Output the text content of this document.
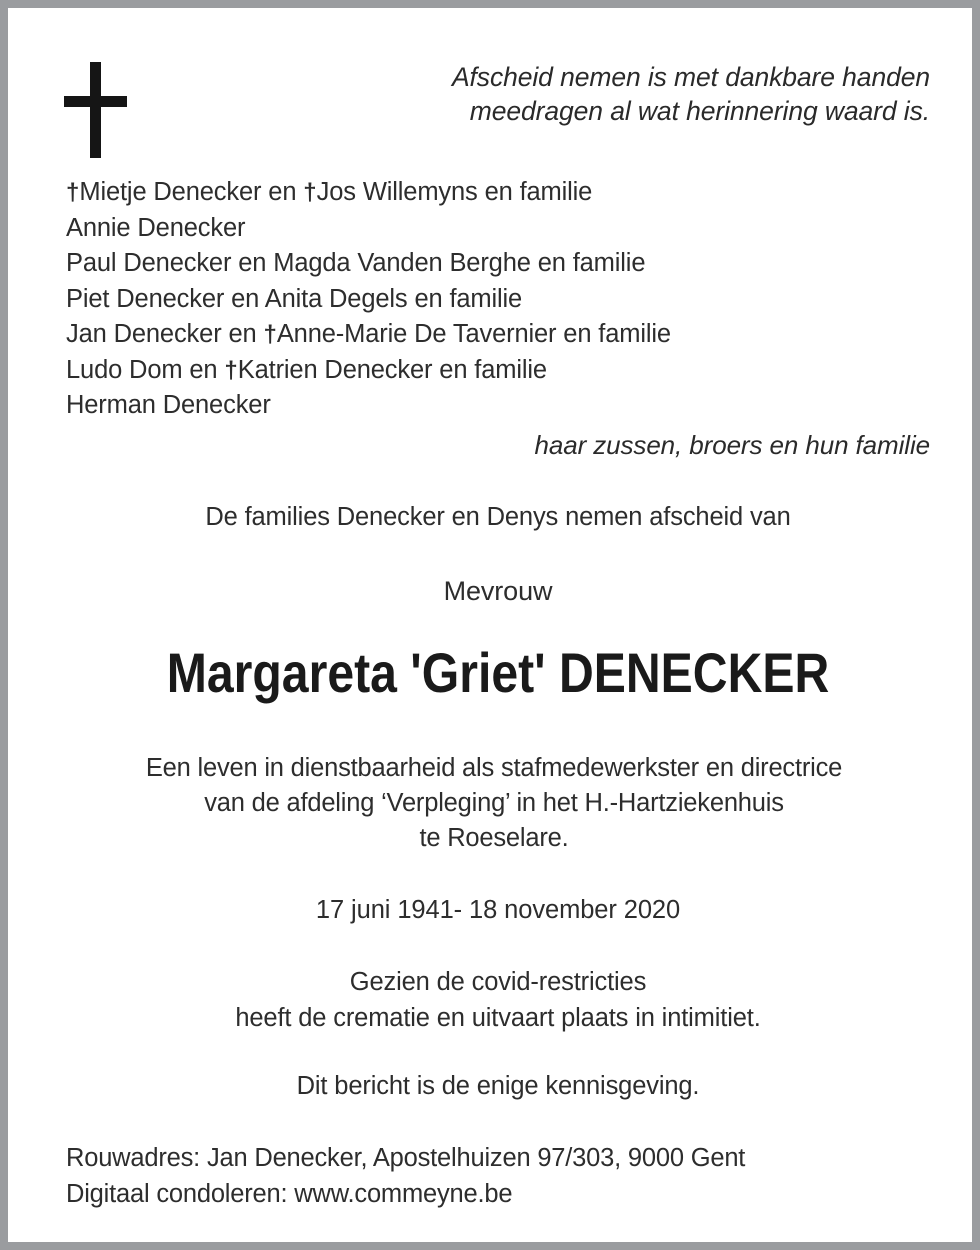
Afscheid nemen is met dankbare handen
meedragen al wat herinnering waard is.
†Mietje Denecker en †Jos Willemyns en familie
Annie Denecker
Paul Denecker en Magda Vanden Berghe en familie
Piet Denecker en Anita Degels en familie
Jan Denecker en †Anne-Marie De Tavernier en familie
Ludo Dom en †Katrien Denecker en familie
Herman Denecker
haar zussen, broers en hun familie
De families Denecker en Denys nemen afscheid van
Mevrouw
Margareta 'Griet' DENECKER
Een leven in dienstbaarheid als stafmedewerkster en directrice
van de afdeling ‘Verpleging’ in het H.-Hartziekenhuis
te Roeselare.
17 juni 1941- 18 november 2020
Gezien de covid-restricties
heeft de crematie en uitvaart plaats in intimitiet.
Dit bericht is de enige kennisgeving.
Rouwadres: Jan Denecker, Apostelhuizen 97/303, 9000 Gent
Digitaal condoleren: www.commeyne.be
